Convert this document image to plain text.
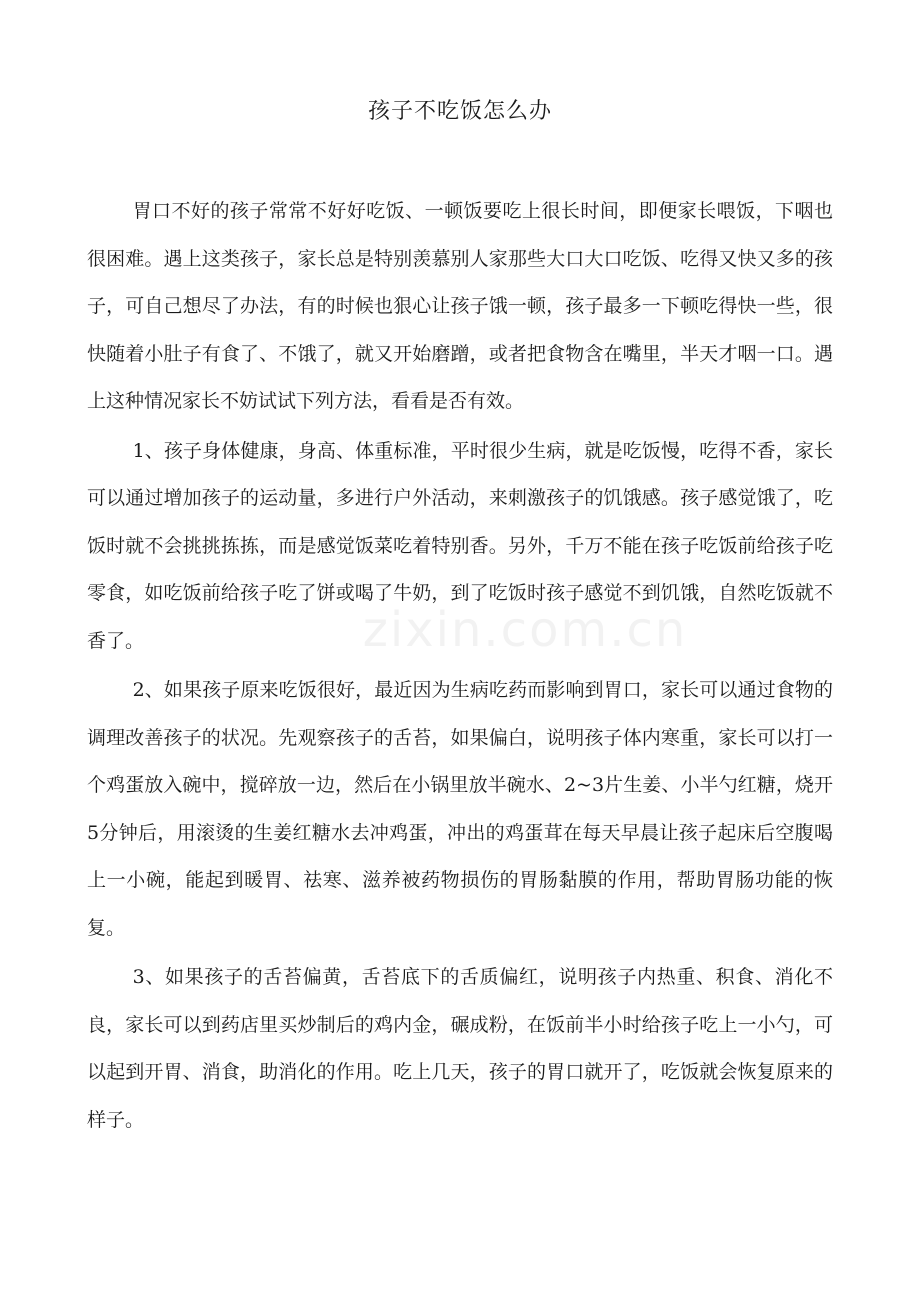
孩子不吃饭怎么办

胃口不好的孩子常常不好好吃饭、一顿饭要吃上很长时间，即便家长喂饭，下咽也很困难。遇上这类孩子，家长总是特别羡慕别人家那些大口大口吃饭、吃得又快又多的孩子，可自己想尽了办法，有的时候也狠心让孩子饿一顿，孩子最多一下顿吃得快一些，很快随着小肚子有食了、不饿了，就又开始磨蹭，或者把食物含在嘴里，半天才咽一口。遇上这种情况家长不妨试试下列方法，看看是否有效。

1、孩子身体健康，身高、体重标准，平时很少生病，就是吃饭慢，吃得不香，家长可以通过增加孩子的运动量，多进行户外活动，来刺激孩子的饥饿感。孩子感觉饿了，吃饭时就不会挑挑拣拣，而是感觉饭菜吃着特别香。另外，千万不能在孩子吃饭前给孩子吃零食，如吃饭前给孩子吃了饼或喝了牛奶，到了吃饭时孩子感觉不到饥饿，自然吃饭就不香了。

2、如果孩子原来吃饭很好，最近因为生病吃药而影响到胃口，家长可以通过食物的调理改善孩子的状况。先观察孩子的舌苔，如果偏白，说明孩子体内寒重，家长可以打一个鸡蛋放入碗中，搅碎放一边，然后在小锅里放半碗水、2~3片生姜、小半勺红糖，烧开5分钟后，用滚烫的生姜红糖水去冲鸡蛋，冲出的鸡蛋茸在每天早晨让孩子起床后空腹喝上一小碗，能起到暖胃、祛寒、滋养被药物损伤的胃肠黏膜的作用，帮助胃肠功能的恢复。

3、如果孩子的舌苔偏黄，舌苔底下的舌质偏红，说明孩子内热重、积食、消化不良，家长可以到药店里买炒制后的鸡内金，碾成粉，在饭前半小时给孩子吃上一小勺，可以起到开胃、消食，助消化的作用。吃上几天，孩子的胃口就开了，吃饭就会恢复原来的样子。

zixin.com.cn
